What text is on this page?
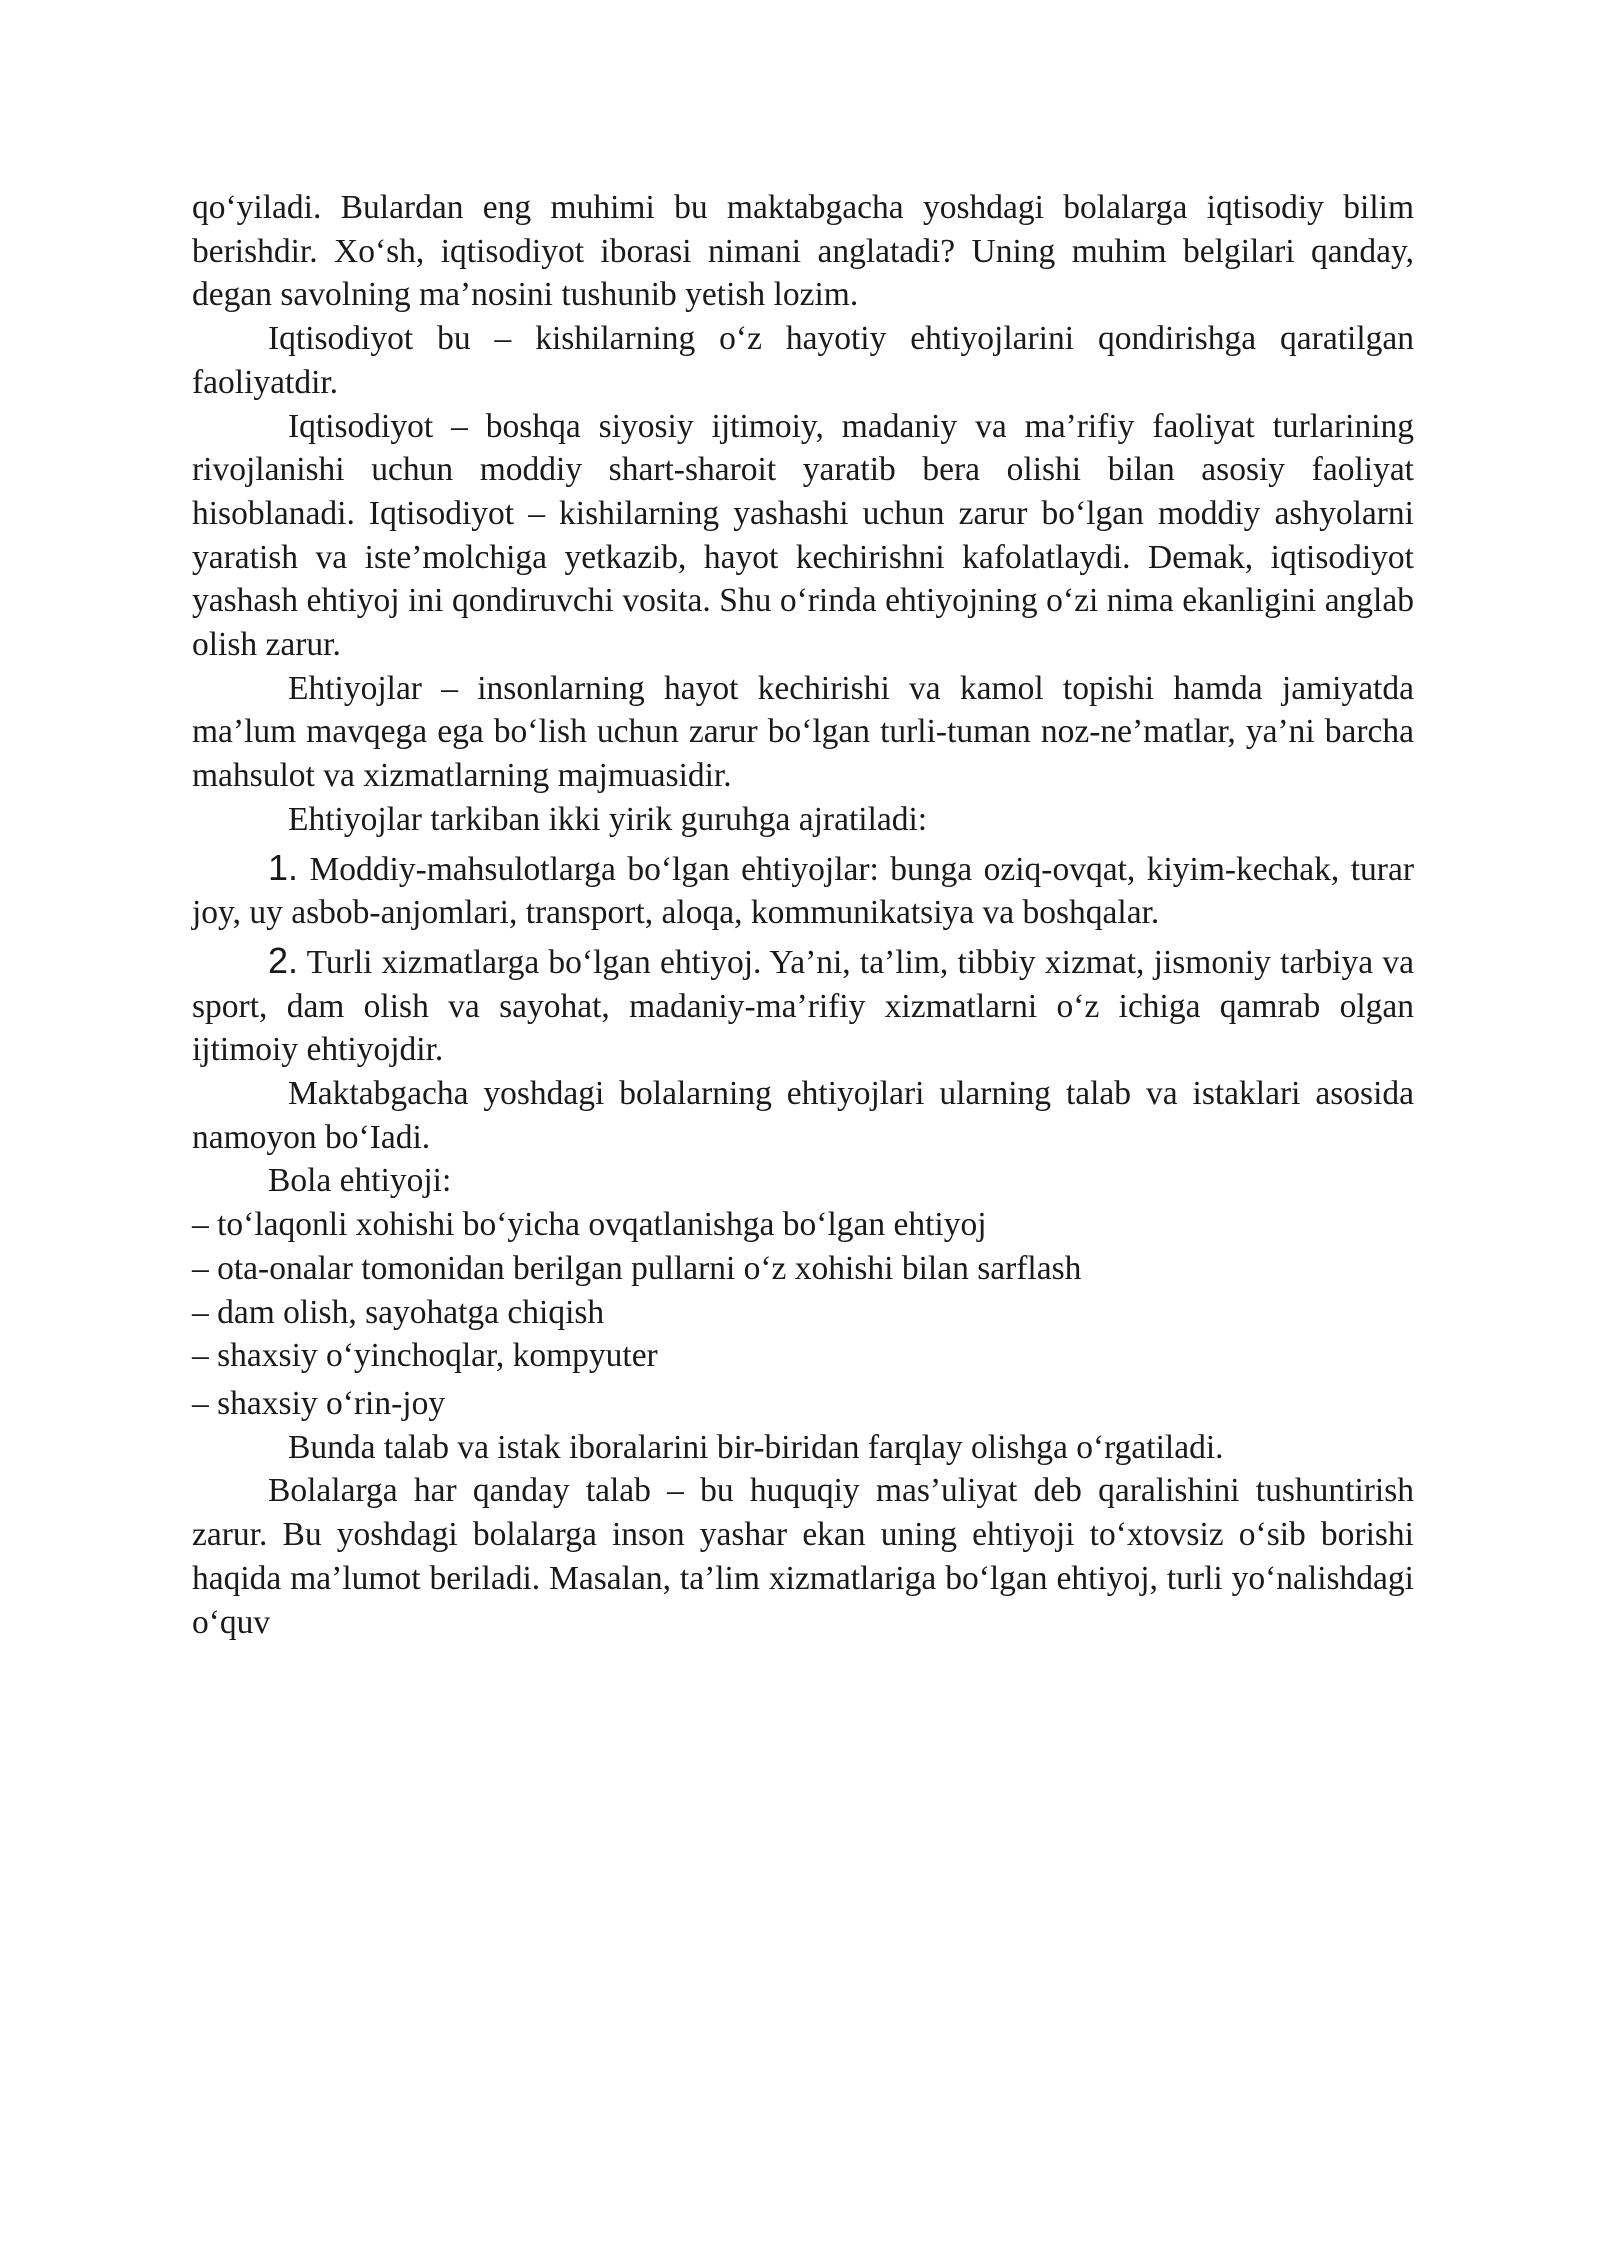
qo‘yiladi. Bulardan eng muhimi bu maktabgacha yoshdagi bolalarga iqtisodiy bilim berishdir. Xo‘sh, iqtisodiyot iborasi nimani anglatadi? Uning muhim belgilari qanday, degan savolning ma’nosini tushunib yetish lozim.

Iqtisodiyot bu – kishilarning o‘z hayotiy ehtiyojlarini qondirishga qaratilgan faoliyatdir.

Iqtisodiyot – boshqa siyosiy ijtimoiy, madaniy va ma’rifiy faoliyat turlarining rivojlanishi uchun moddiy shart-sharoit yaratib bera olishi bilan asosiy faoliyat hisoblanadi. Iqtisodiyot – kishilarning yashashi uchun zarur bo‘lgan moddiy ashyolarni yaratish va iste’molchiga yetkazib, hayot kechirishni kafolatlaydi. Demak, iqtisodiyot yashash ehtiyoj ini qondiruvchi vosita. Shu o‘rinda ehtiyojning o‘zi nima ekanligini anglab olish zarur.

Ehtiyojlar – insonlarning hayot kechirishi va kamol topishi hamda jamiyatda ma’lum mavqega ega bo‘lish uchun zarur bo‘lgan turli-tuman noz-ne’matlar, ya’ni barcha mahsulot va xizmatlarning majmuasidir.

Ehtiyojlar tarkiban ikki yirik guruhga ajratiladi:

1. Moddiy-mahsulotlarga bo‘lgan ehtiyojlar: bunga oziq-ovqat, kiyim-kechak, turar joy, uy asbob-anjomlari, transport, aloqa, kommunikatsiya va boshqalar.

2. Turli xizmatlarga bo‘lgan ehtiyoj. Ya’ni, ta’lim, tibbiy xizmat, jismoniy tarbiya va sport, dam olish va sayohat, madaniy-ma’rifiy xizmatlarni o‘z ichiga qamrab olgan ijtimoiy ehtiyojdir.

Maktabgacha yoshdagi bolalarning ehtiyojlari ularning talab va istaklari asosida namoyon bo‘Iadi.

Bola ehtiyoji:

– to‘laqonli xohishi bo‘yicha ovqatlanishga bo‘lgan ehtiyoj

– ota-onalar tomonidan berilgan pullarni o‘z xohishi bilan sarflash

– dam olish, sayohatga chiqish

– shaxsiy o‘yinchoqlar, kompyuter

– shaxsiy o‘rin-joy

Bunda talab va istak iboralarini bir-biridan farqlay olishga o‘rgatiladi.

Bolalarga har qanday talab – bu huquqiy mas’uliyat deb qaralishini tushuntirish zarur. Bu yoshdagi bolalarga inson yashar ekan uning ehtiyoji to‘xtovsiz o‘sib borishi haqida ma’lumot beriladi. Masalan, ta’lim xizmatlariga bo‘lgan ehtiyoj, turli yo‘nalishdagi o‘quv
